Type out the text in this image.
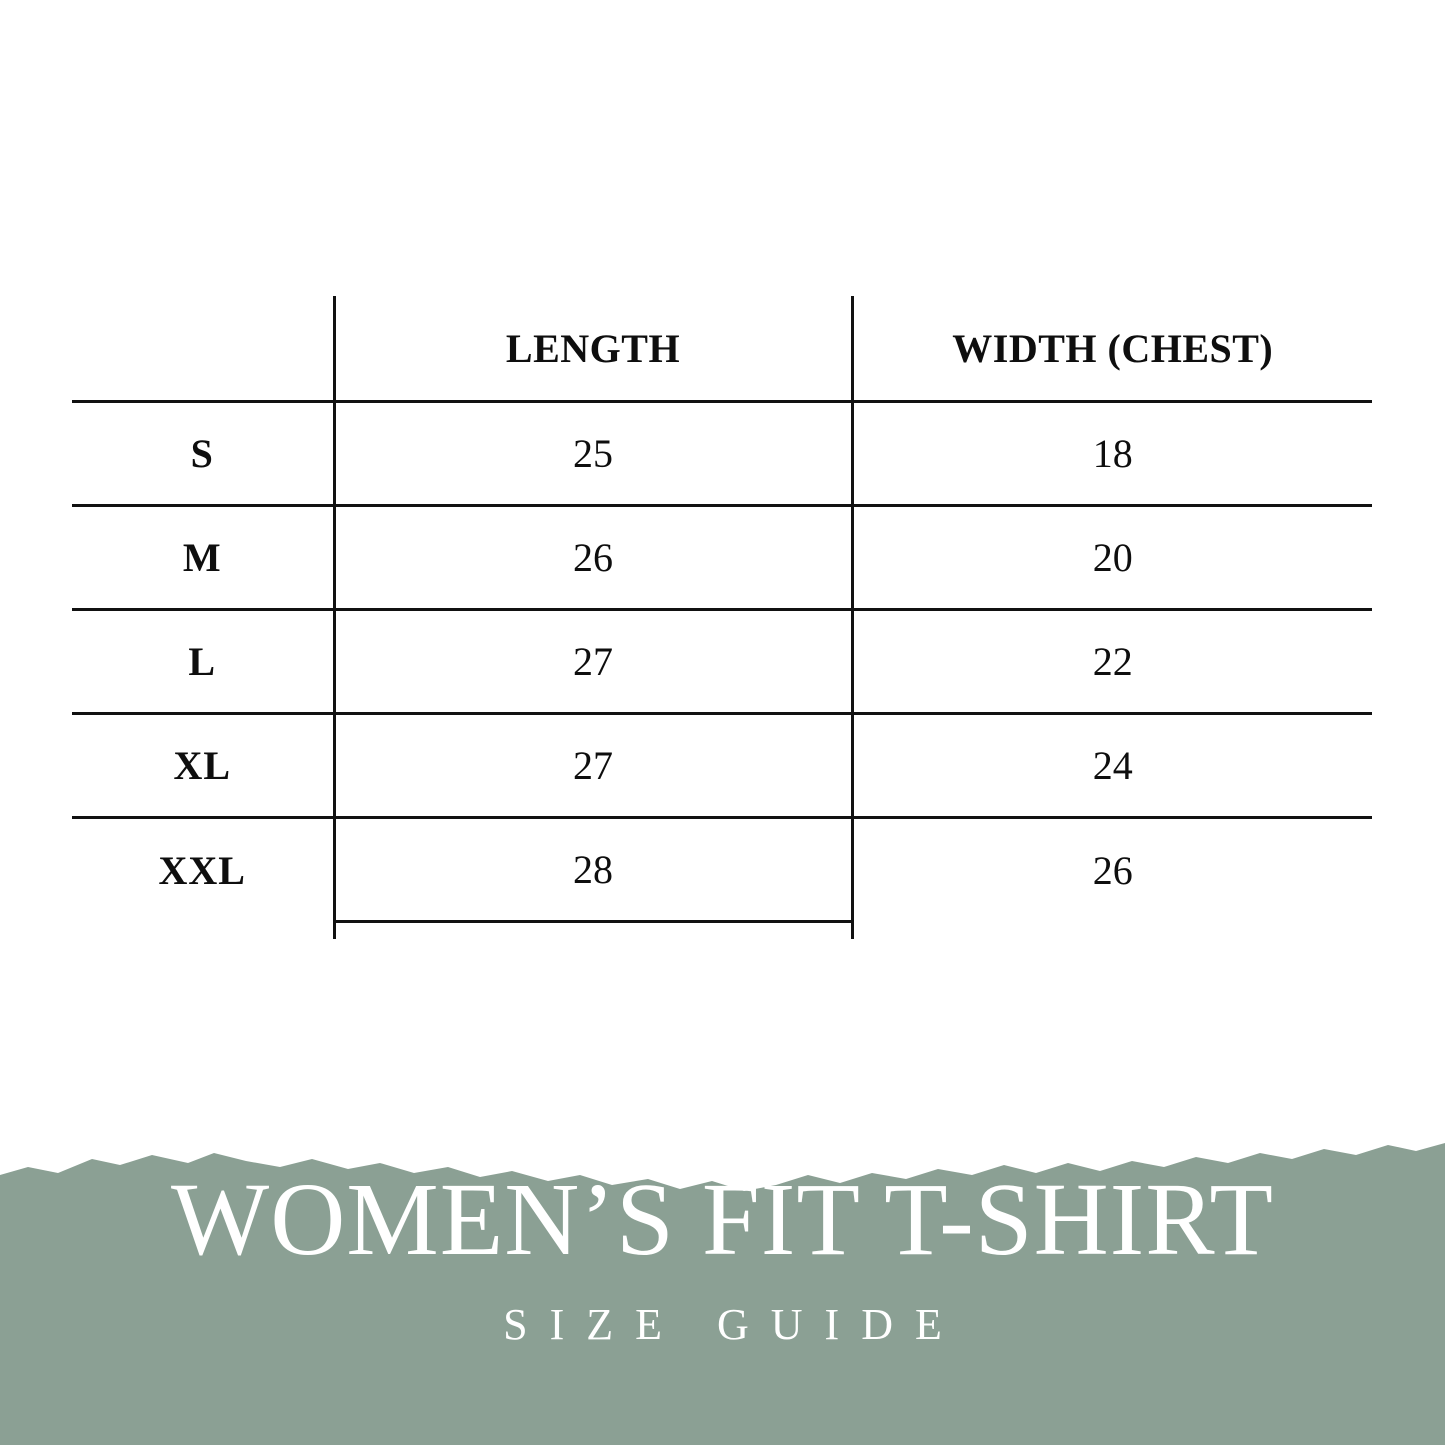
	LENGTH	WIDTH (CHEST)
S	25	18
M	26	20
L	27	22
XL	27	24
XXL	28	26

WOMEN’S FIT T-SHIRT
SIZE GUIDE
